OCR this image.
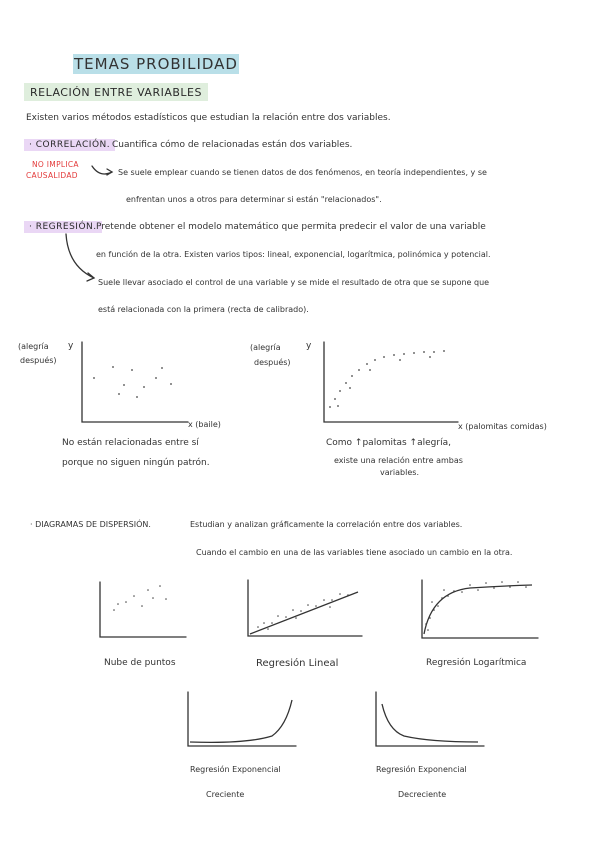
TEMAS PROBILIDAD
RELACIÓN ENTRE VARIABLES
Existen varios métodos estadísticos que estudian la relación entre dos variables.
· CORRELACIÓN. Cuantifica cómo de relacionadas están dos variables.
NO IMPLICA
CAUSALIDAD	Se suele emplear cuando se tienen datos de dos fenómenos, en teoría independientes, y se
enfrentan unos a otros para determinar si están "relacionados".
· REGRESIÓN. Pretende obtener el modelo matemático que permita predecir el valor de una variable
en función de la otra. Existen varios tipos: lineal, exponencial, logarítmica, polinómica y potencial.
Suele llevar asociado el control de una variable y se mide el resultado de otra que se supone que
está relacionada con la primera (recta de calibrado).
(alegría
después)
y
x (baile)
No están relacionadas entre sí
porque no siguen ningún patrón.
(alegría
después)
y
x (palomitas comidas)
Como ↑palomitas ↑alegría,
existe una relación entre ambas
variables.
· DIAGRAMAS DE DISPERSIÓN.	Estudian y analizan gráficamente la correlación entre dos variables.
Cuando el cambio en una de las variables tiene asociado un cambio en la otra.
Nube de puntos	Regresión Lineal	Regresión Logarítmica
Regresión Exponencial
Creciente
Regresión Exponencial
Decreciente
